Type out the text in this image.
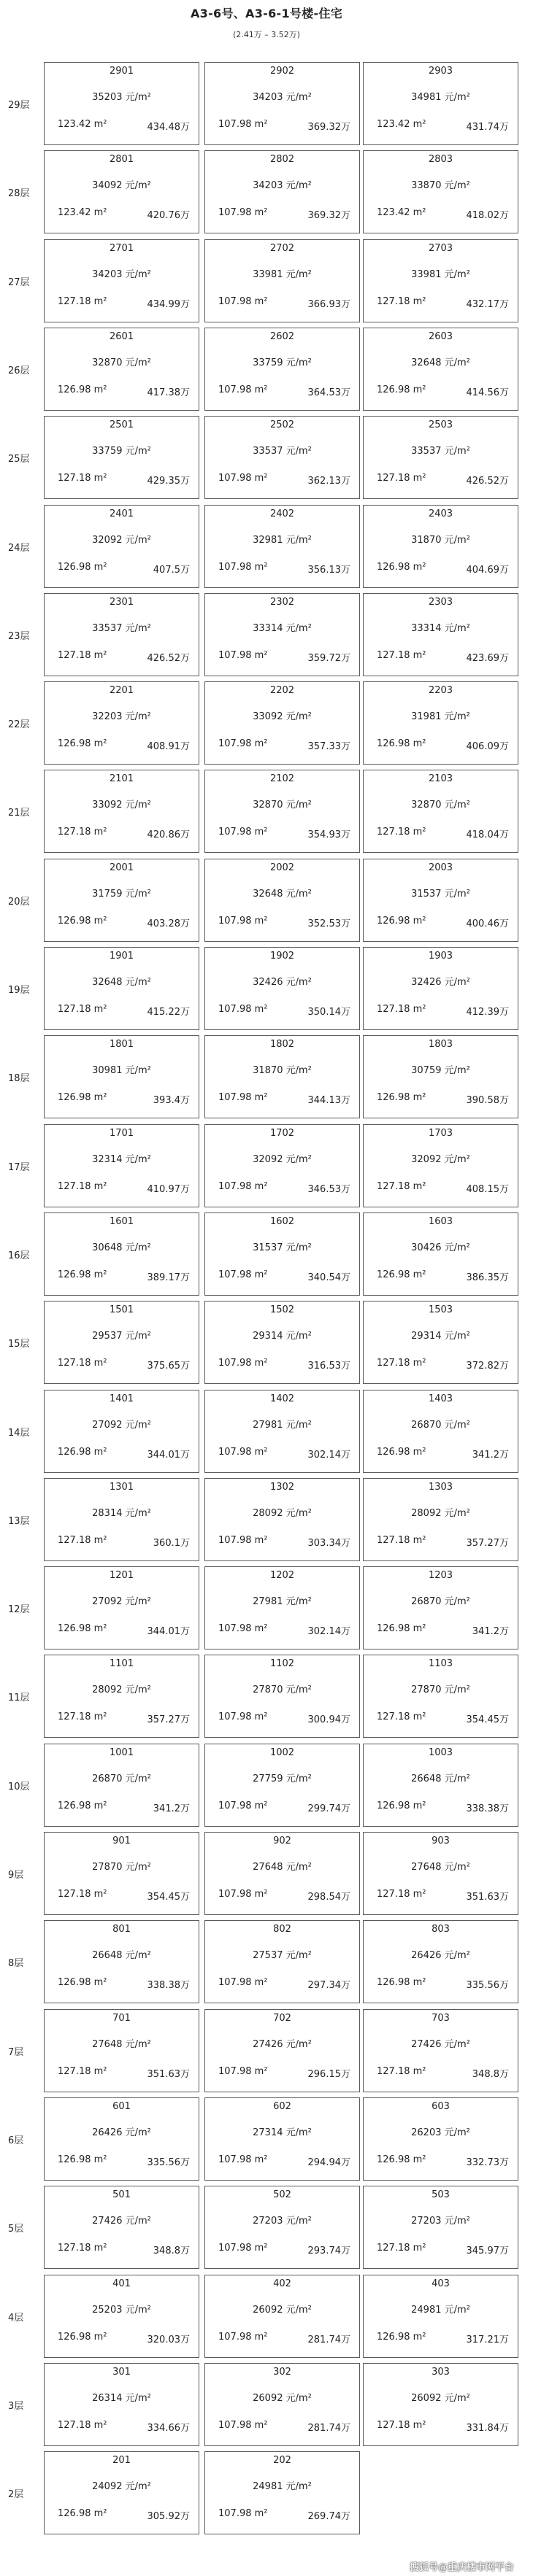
A3-6号、A3-6-1号楼-住宅
(2.41万 – 3.52万)
29层
2901
35203 元/m²
123.42 m²	434.48万
2902
34203 元/m²
107.98 m²	369.32万
2903
34981 元/m²
123.42 m²	431.74万
28层
2801
34092 元/m²
123.42 m²	420.76万
2802
34203 元/m²
107.98 m²	369.32万
2803
33870 元/m²
123.42 m²	418.02万
27层
2701
34203 元/m²
127.18 m²	434.99万
2702
33981 元/m²
107.98 m²	366.93万
2703
33981 元/m²
127.18 m²	432.17万
26层
2601
32870 元/m²
126.98 m²	417.38万
2602
33759 元/m²
107.98 m²	364.53万
2603
32648 元/m²
126.98 m²	414.56万
25层
2501
33759 元/m²
127.18 m²	429.35万
2502
33537 元/m²
107.98 m²	362.13万
2503
33537 元/m²
127.18 m²	426.52万
24层
2401
32092 元/m²
126.98 m²	407.5万
2402
32981 元/m²
107.98 m²	356.13万
2403
31870 元/m²
126.98 m²	404.69万
23层
2301
33537 元/m²
127.18 m²	426.52万
2302
33314 元/m²
107.98 m²	359.72万
2303
33314 元/m²
127.18 m²	423.69万
22层
2201
32203 元/m²
126.98 m²	408.91万
2202
33092 元/m²
107.98 m²	357.33万
2203
31981 元/m²
126.98 m²	406.09万
21层
2101
33092 元/m²
127.18 m²	420.86万
2102
32870 元/m²
107.98 m²	354.93万
2103
32870 元/m²
127.18 m²	418.04万
20层
2001
31759 元/m²
126.98 m²	403.28万
2002
32648 元/m²
107.98 m²	352.53万
2003
31537 元/m²
126.98 m²	400.46万
19层
1901
32648 元/m²
127.18 m²	415.22万
1902
32426 元/m²
107.98 m²	350.14万
1903
32426 元/m²
127.18 m²	412.39万
18层
1801
30981 元/m²
126.98 m²	393.4万
1802
31870 元/m²
107.98 m²	344.13万
1803
30759 元/m²
126.98 m²	390.58万
17层
1701
32314 元/m²
127.18 m²	410.97万
1702
32092 元/m²
107.98 m²	346.53万
1703
32092 元/m²
127.18 m²	408.15万
16层
1601
30648 元/m²
126.98 m²	389.17万
1602
31537 元/m²
107.98 m²	340.54万
1603
30426 元/m²
126.98 m²	386.35万
15层
1501
29537 元/m²
127.18 m²	375.65万
1502
29314 元/m²
107.98 m²	316.53万
1503
29314 元/m²
127.18 m²	372.82万
14层
1401
27092 元/m²
126.98 m²	344.01万
1402
27981 元/m²
107.98 m²	302.14万
1403
26870 元/m²
126.98 m²	341.2万
13层
1301
28314 元/m²
127.18 m²	360.1万
1302
28092 元/m²
107.98 m²	303.34万
1303
28092 元/m²
127.18 m²	357.27万
12层
1201
27092 元/m²
126.98 m²	344.01万
1202
27981 元/m²
107.98 m²	302.14万
1203
26870 元/m²
126.98 m²	341.2万
11层
1101
28092 元/m²
127.18 m²	357.27万
1102
27870 元/m²
107.98 m²	300.94万
1103
27870 元/m²
127.18 m²	354.45万
10层
1001
26870 元/m²
126.98 m²	341.2万
1002
27759 元/m²
107.98 m²	299.74万
1003
26648 元/m²
126.98 m²	338.38万
9层
901
27870 元/m²
127.18 m²	354.45万
902
27648 元/m²
107.98 m²	298.54万
903
27648 元/m²
127.18 m²	351.63万
8层
801
26648 元/m²
126.98 m²	338.38万
802
27537 元/m²
107.98 m²	297.34万
803
26426 元/m²
126.98 m²	335.56万
7层
701
27648 元/m²
127.18 m²	351.63万
702
27426 元/m²
107.98 m²	296.15万
703
27426 元/m²
127.18 m²	348.8万
6层
601
26426 元/m²
126.98 m²	335.56万
602
27314 元/m²
107.98 m²	294.94万
603
26203 元/m²
126.98 m²	332.73万
5层
501
27426 元/m²
127.18 m²	348.8万
502
27203 元/m²
107.98 m²	293.74万
503
27203 元/m²
127.18 m²	345.97万
4层
401
25203 元/m²
126.98 m²	320.03万
402
26092 元/m²
107.98 m²	281.74万
403
24981 元/m²
126.98 m²	317.21万
3层
301
26314 元/m²
127.18 m²	334.66万
302
26092 元/m²
107.98 m²	281.74万
303
26092 元/m²
127.18 m²	331.84万
2层
201
24092 元/m²
126.98 m²	305.92万
202
24981 元/m²
107.98 m²	269.74万
搜狐号@重庆楼市网平台
